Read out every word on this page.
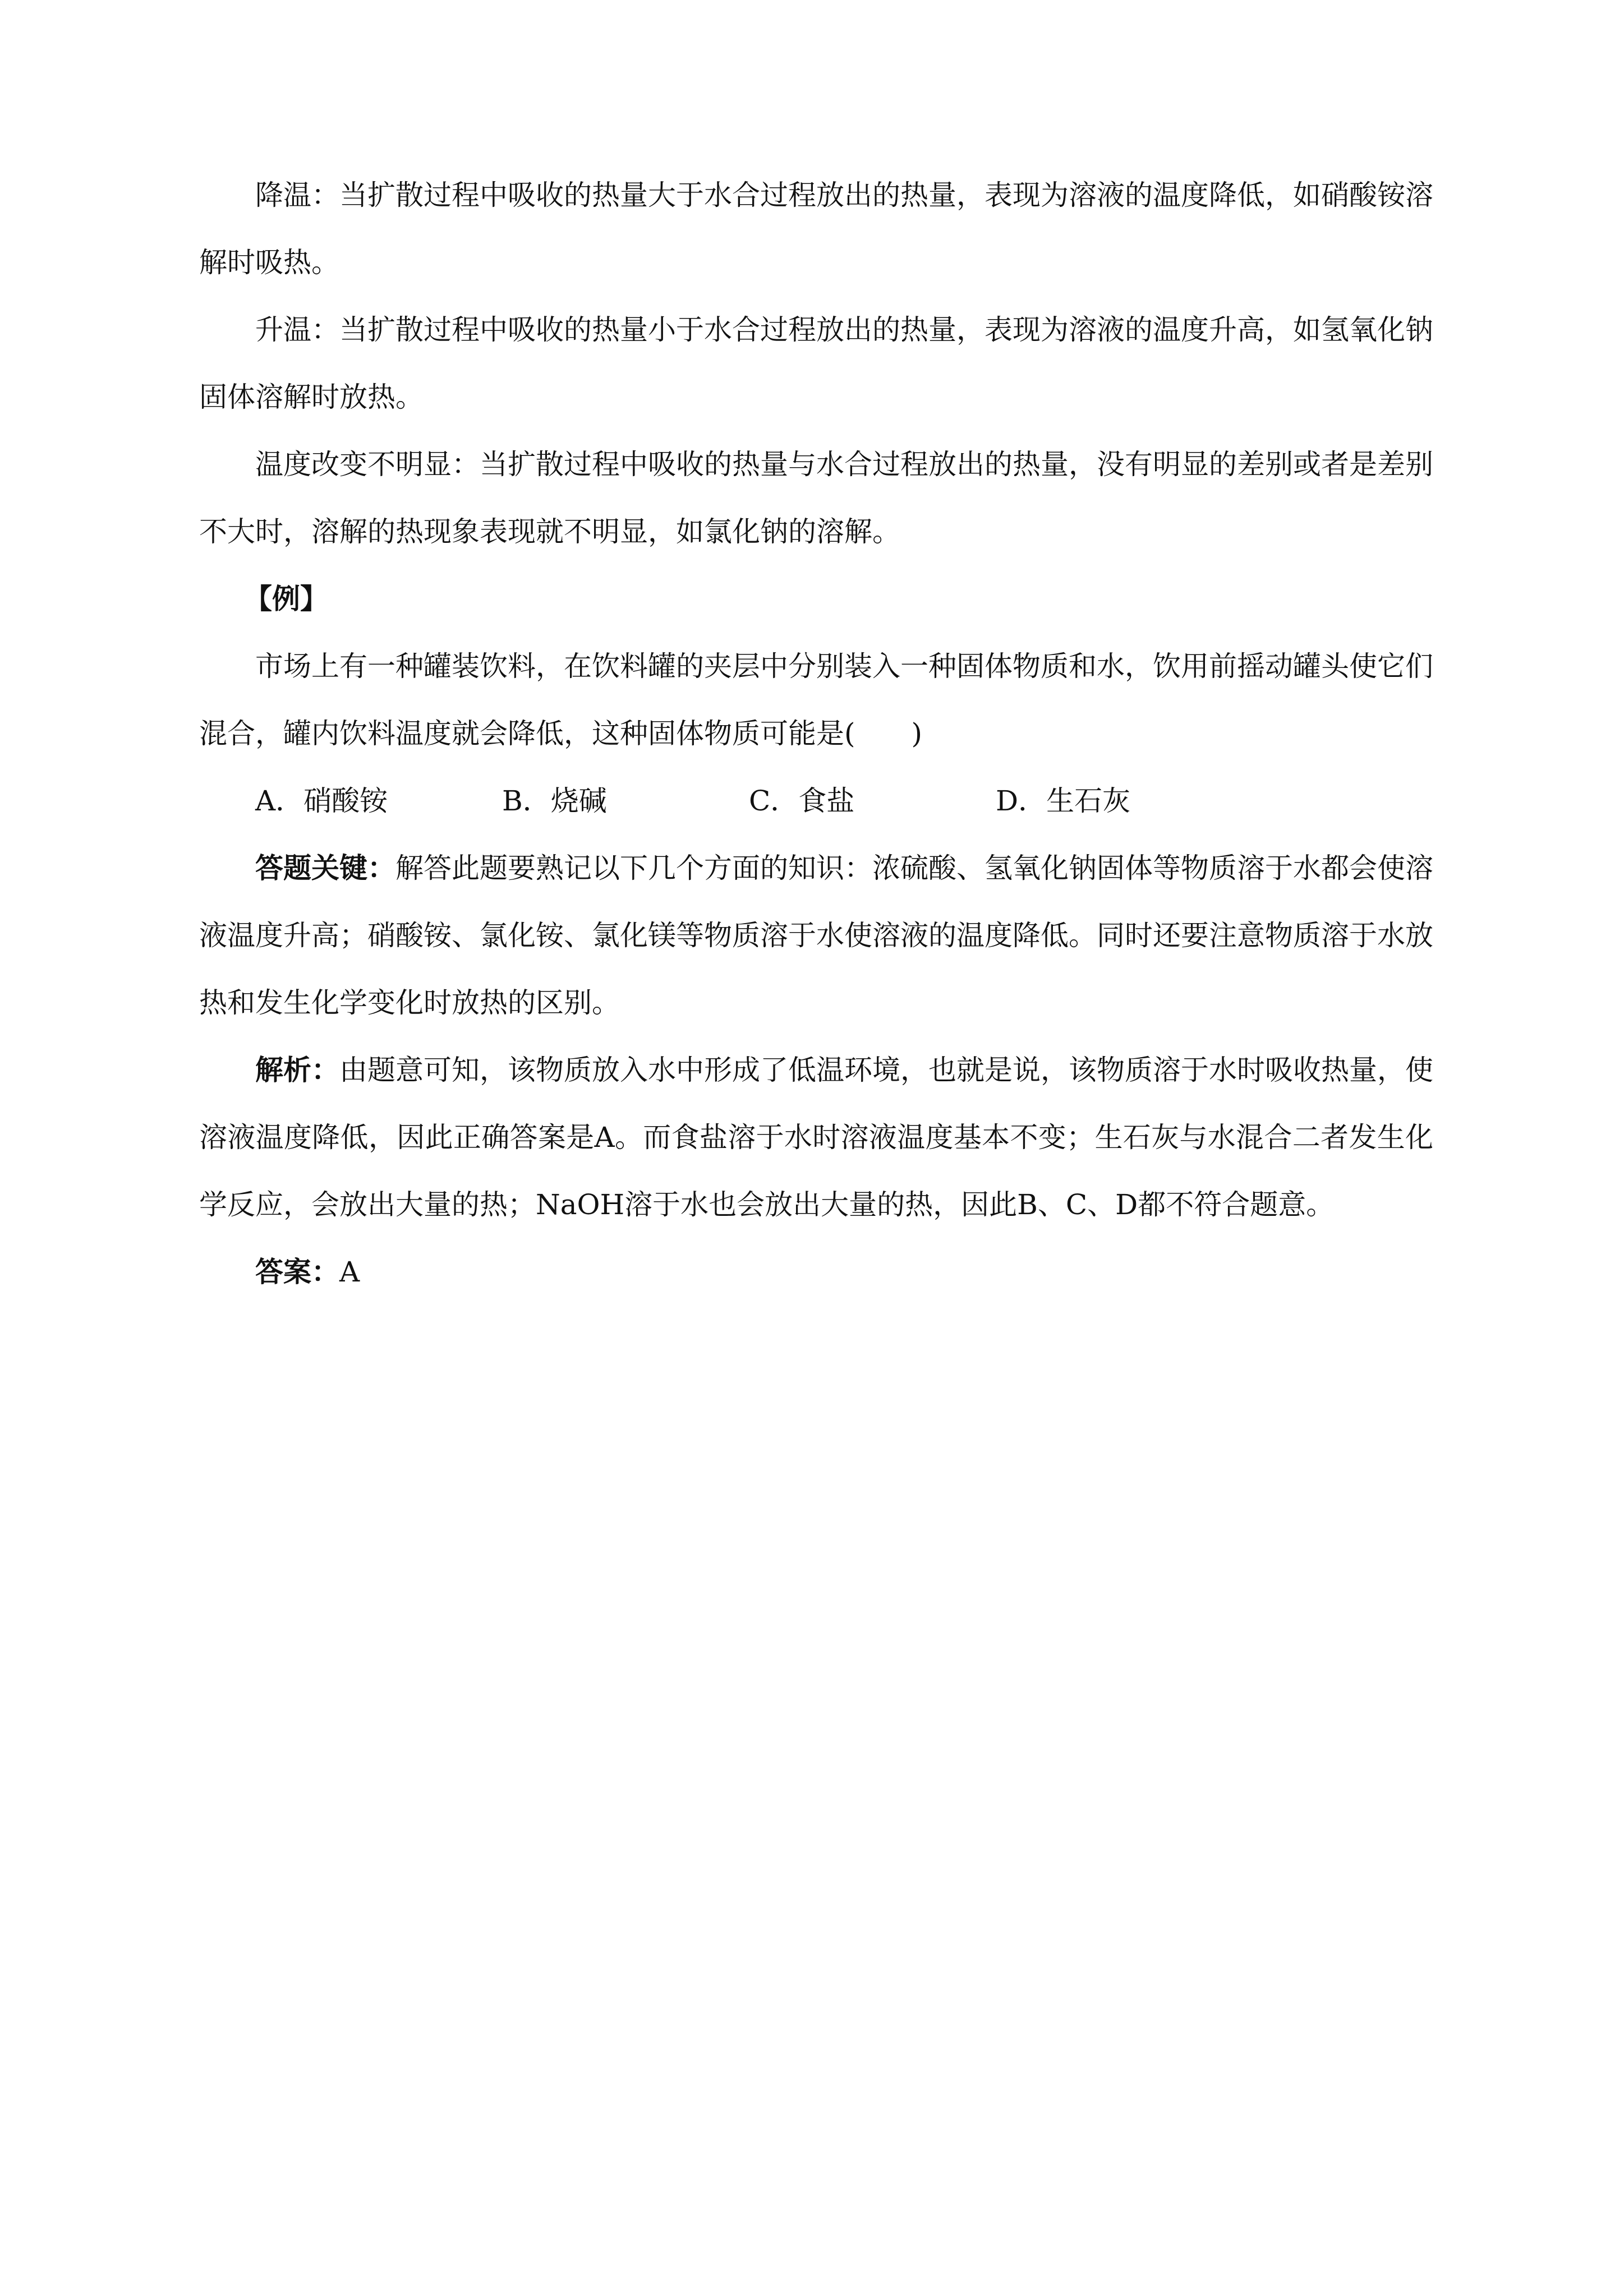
降温：当扩散过程中吸收的热量大于水合过程放出的热量，表现为溶液的温度降低，如硝酸铵溶解时吸热。

升温：当扩散过程中吸收的热量小于水合过程放出的热量，表现为溶液的温度升高，如氢氧化钠固体溶解时放热。

温度改变不明显：当扩散过程中吸收的热量与水合过程放出的热量，没有明显的差别或者是差别不大时，溶解的热现象表现就不明显，如氯化钠的溶解。

【例】

市场上有一种罐装饮料，在饮料罐的夹层中分别装入一种固体物质和水，饮用前摇动罐头使它们混合，罐内饮料温度就会降低，这种固体物质可能是(　　)

A．硝酸铵	B．烧碱	C．食盐	D．生石灰

答题关键：解答此题要熟记以下几个方面的知识：浓硫酸、氢氧化钠固体等物质溶于水都会使溶液温度升高；硝酸铵、氯化铵、氯化镁等物质溶于水使溶液的温度降低。同时还要注意物质溶于水放热和发生化学变化时放热的区别。

解析：由题意可知，该物质放入水中形成了低温环境，也就是说，该物质溶于水时吸收热量，使溶液温度降低，因此正确答案是A。而食盐溶于水时溶液温度基本不变；生石灰与水混合二者发生化学反应，会放出大量的热；NaOH溶于水也会放出大量的热，因此B、C、D都不符合题意。

答案：A
